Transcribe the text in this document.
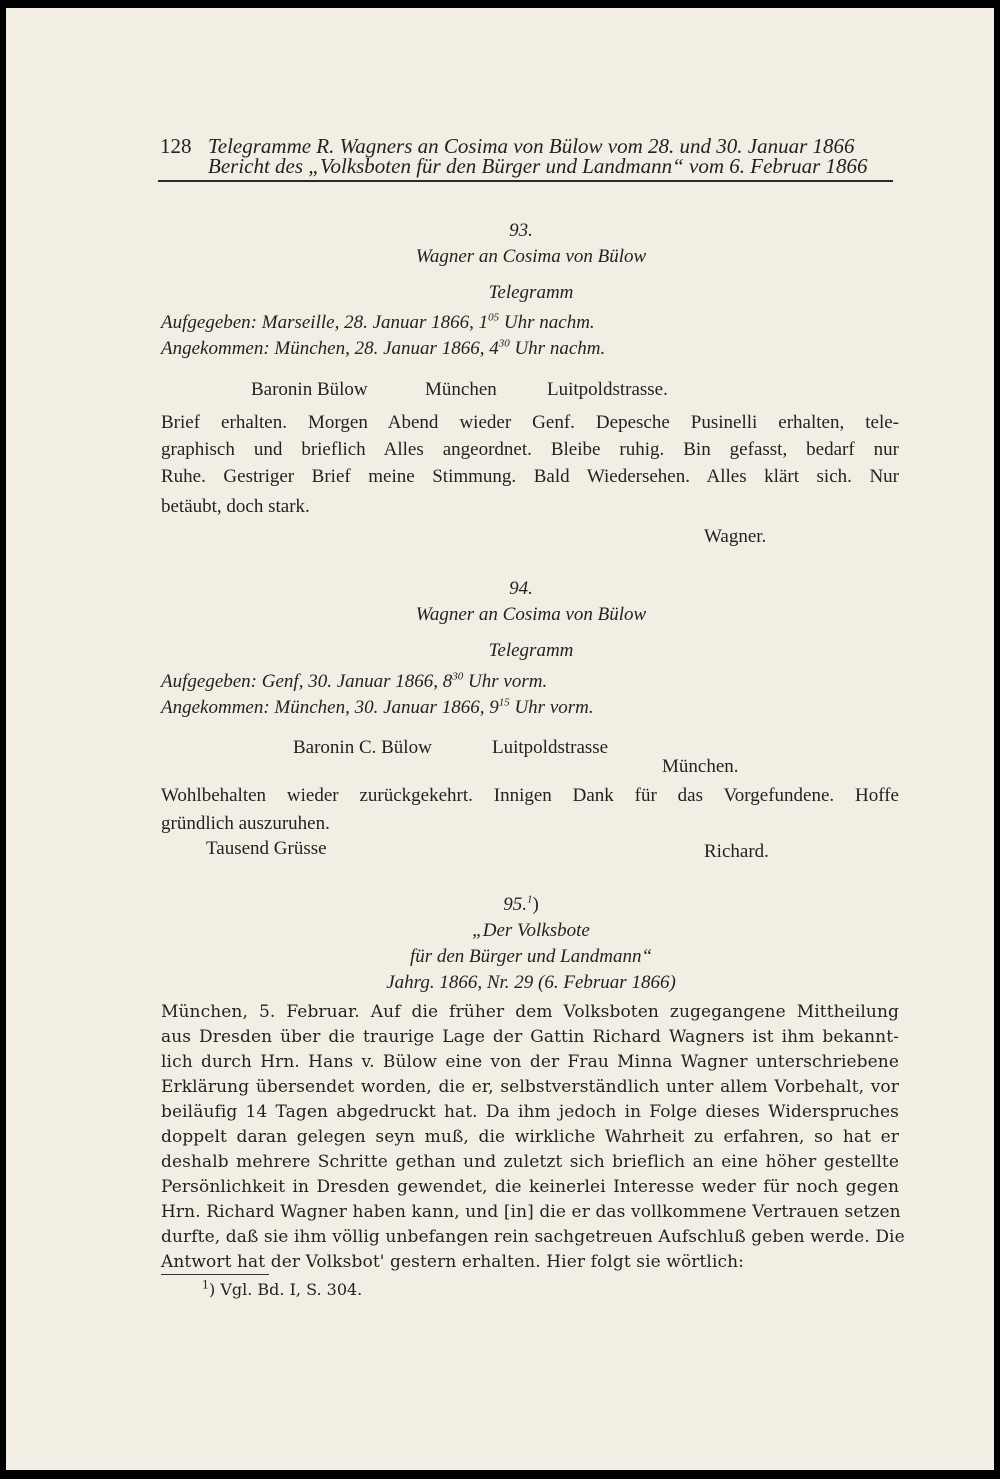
128 Telegramme R. Wagners an Cosima von Bülow vom 28. und 30. Januar 1866
Bericht des „Volksboten für den Bürger und Landmann“ vom 6. Februar 1866
93.
Wagner an Cosima von Bülow
Telegramm
Aufgegeben: Marseille, 28. Januar 1866, $1^{05}$ Uhr nachm.
Angekommen: München, 28. Januar 1866, $4^{30}$ Uhr nachm.
Baronin Bülow	München	Luitpoldstrasse.
Brief erhalten. Morgen Abend wieder Genf. Depesche Pusinelli erhalten, tele-
graphisch und brieflich Alles angeordnet. Bleibe ruhig. Bin gefasst, bedarf nur
Ruhe. Gestriger Brief meine Stimmung. Bald Wiedersehen. Alles klärt sich. Nur
betäubt, doch stark.
Wagner.
94.
Wagner an Cosima von Bülow
Telegramm
Aufgegeben: Genf, 30. Januar 1866, $8^{30}$ Uhr vorm.
Angekommen: München, 30. Januar 1866, $9^{15}$ Uhr vorm.
Baronin C. Bülow	Luitpoldstrasse
München.
Wohlbehalten wieder zurückgekehrt. Innigen Dank für das Vorgefundene. Hoffe
gründlich auszuruhen.
Tausend Grüsse	Richard.
95.$^1$)
„Der Volksbote
für den Bürger und Landmann“
Jahrg. 1866, Nr. 29 (6. Februar 1866)
München, 5. Februar. Auf die früher dem Volksboten zugegangene Mittheilung
aus Dresden über die traurige Lage der Gattin Richard Wagners ist ihm bekannt-
lich durch Hrn. Hans v. Bülow eine von der Frau Minna Wagner unterschriebene
Erklärung übersendet worden, die er, selbstverständlich unter allem Vorbehalt, vor
beiläufig 14 Tagen abgedruckt hat. Da ihm jedoch in Folge dieses Widerspruches
doppelt daran gelegen seyn muß, die wirkliche Wahrheit zu erfahren, so hat er
deshalb mehrere Schritte gethan und zuletzt sich brieflich an eine höher gestellte
Persönlichkeit in Dresden gewendet, die keinerlei Interesse weder für noch gegen
Hrn. Richard Wagner haben kann, und [in] die er das vollkommene Vertrauen setzen
durfte, daß sie ihm völlig unbefangen rein sachgetreuen Aufschluß geben werde. Die
Antwort hat der Volksbot' gestern erhalten. Hier folgt sie wörtlich:
$^1$) Vgl. Bd. I, S. 304.
